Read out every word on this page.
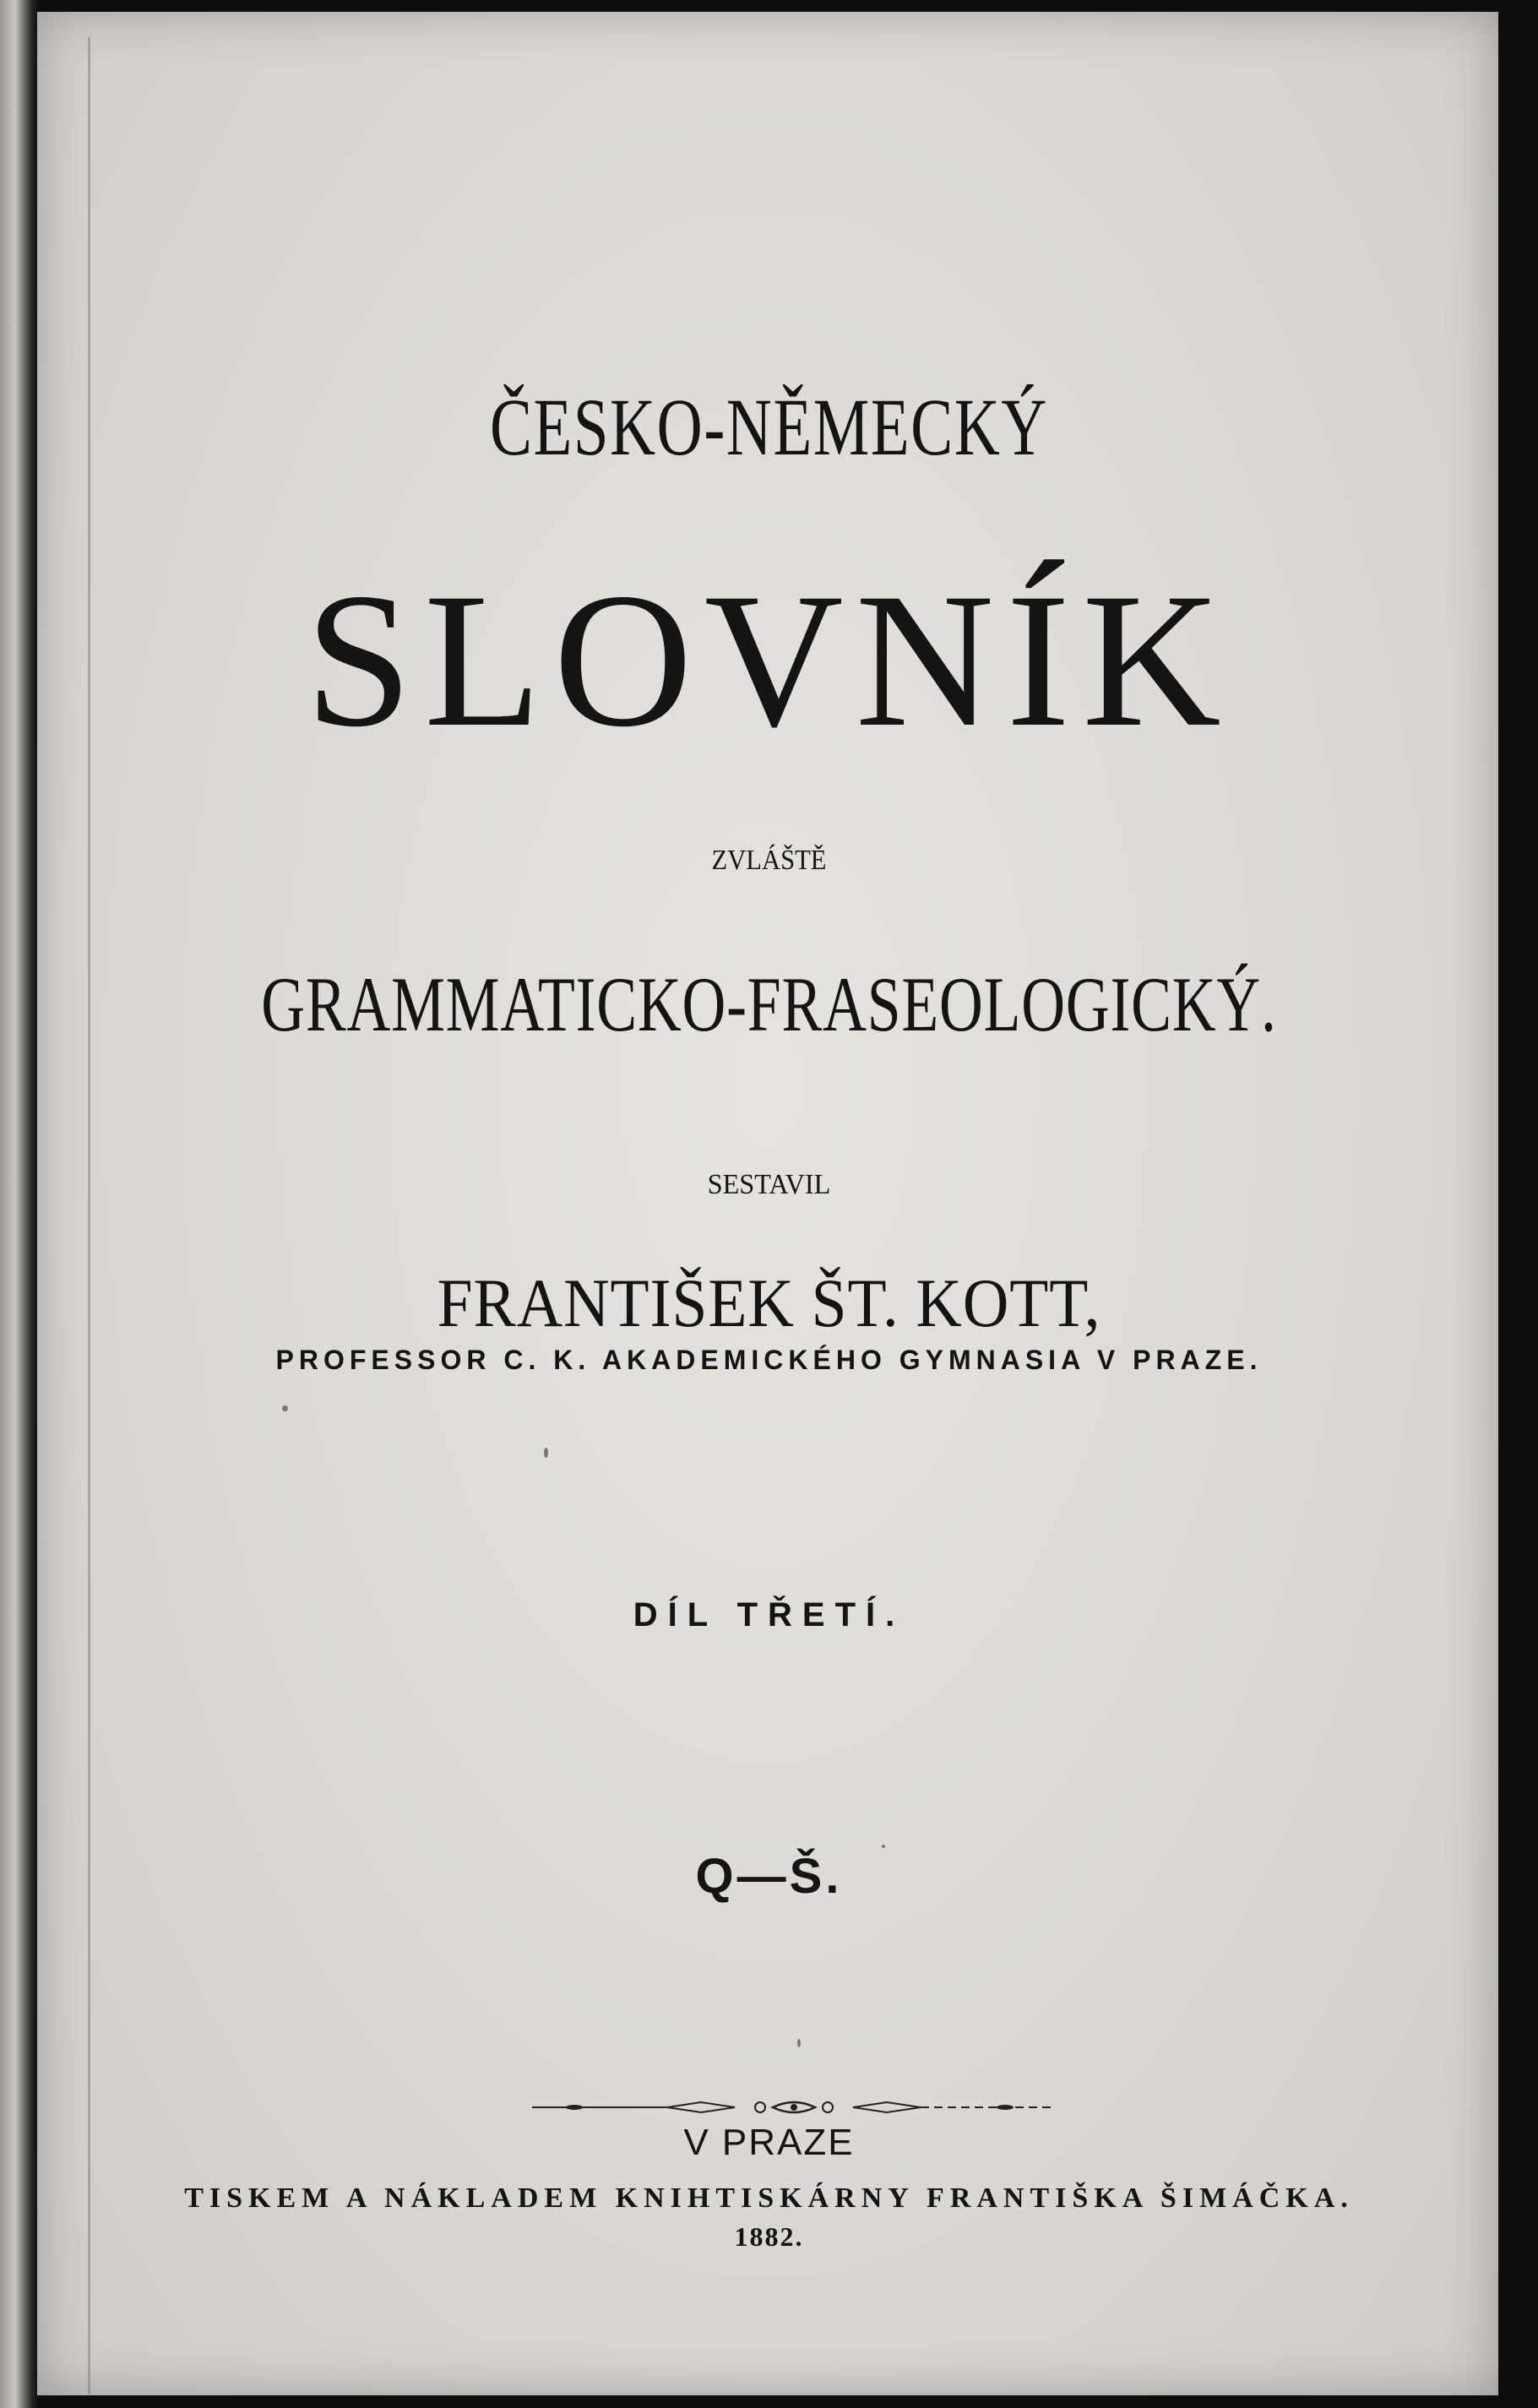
ČESKO-NĚMECKÝ
SLOVNÍK
ZVLÁŠTĚ
GRAMMATICKO-FRASEOLOGICKÝ.
SESTAVIL
FRANTIŠEK ŠT. KOTT,
PROFESSOR C. K. AKADEMICKÉHO GYMNASIA V PRAZE.
DÍL TŘETÍ.
Q—Š.
V PRAZE
TISKEM A NÁKLADEM KNIHTISKÁRNY FRANTIŠKA ŠIMÁČKA.
1882.
